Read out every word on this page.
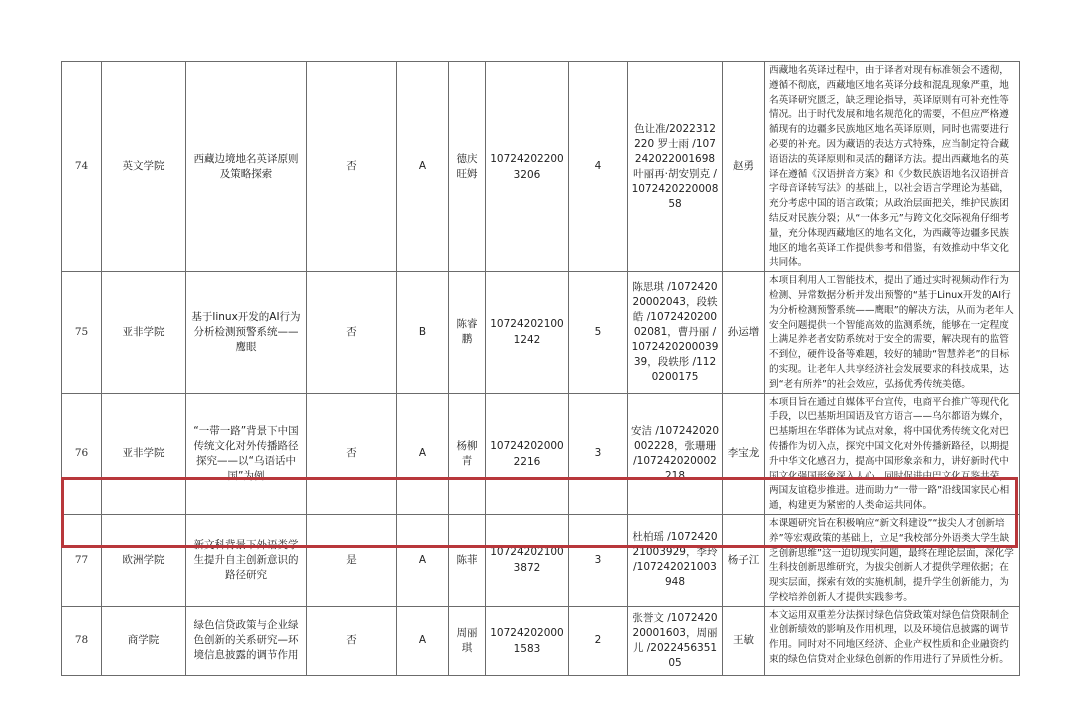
74	英文学院	西藏边境地名英译原则及策略探索	否	A	德庆旺姆	107242022003206	4	色让准/2022312220 罗士雨 /107242022001698 叶丽再·胡安别克 /107242022000858	赵勇	西藏地名英译过程中，由于译者对现有标准领会不透彻，遵循不彻底，西藏地区地名英译分歧和混乱现象严重，地名英译研究匮乏，缺乏理论指导，英译原则有可补充性等情况。出于时代发展和地名规范化的需要，不但应严格遵循现有的边疆多民族地区地名英译原则，同时也需要进行必要的补充。因为藏语的表达方式特殊，应当制定符合藏语语法的英译原则和灵活的翻译方法。提出西藏地名的英译在遵循《汉语拼音方案》和《少数民族语地名汉语拼音字母音译转写法》的基础上，以社会语言学理论为基础，充分考虑中国的语言政策；从政治层面把关，维护民族团结反对民族分裂；从“一体多元”与跨文化交际视角仔细考量，充分体现西藏地区的地名文化，为西藏等边疆多民族地区的地名英译工作提供参考和借鉴，有效推动中华文化共同体。

75	亚非学院	基于linux开发的AI行为分析检测预警系统——鹰眼	否	B	陈睿鹏	107242021001242	5	陈思琪 /107242020002043，段轶皓 /107242020002081，曹丹丽 /107242020003939，段轶彤 /1120200175	孙运增	本项目利用人工智能技术，提出了通过实时视频动作行为检测、异常数据分析并发出预警的“基于Linux开发的AI行为分析检测预警系统——鹰眼”的解决方法，从而为老年人安全问题提供一个智能高效的监测系统，能够在一定程度上满足养老者安防系统对于安全的需要，解决现有的监管不到位，硬件设备等难题，较好的辅助“智慧养老”的目标的实现。让老年人共享经济社会发展要求的科技成果，达到“老有所养”的社会效应，弘扬优秀传统美德。

76	亚非学院	“一带一路”背景下中国传统文化对外传播路径探究——以“乌语话中国”为例	否	A	杨柳青	107242020002216	3	安洁 /107242020002228，张珊珊 /107242020002218	李宝龙	本项目旨在通过自媒体平台宣传，电商平台推广等现代化手段，以巴基斯坦国语及官方语言——乌尔都语为媒介，巴基斯坦在华群体为试点对象，将中国优秀传统文化对巴传播作为切入点，探究中国文化对外传播新路径，以期提升中华文化感召力，提高中国形象亲和力，讲好新时代中国文化强国形象深入人心。同时促进中巴文化互鉴共荣，两国友谊稳步推进。进而助力“一带一路”沿线国家民心相通，构建更为紧密的人类命运共同体。

77	欧洲学院	新文科背景下外语类学生提升自主创新意识的路径研究	是	A	陈菲	107242021003872	3	杜柏瑶 /107242021003929，李玲 /107242021003948	杨子江	本课题研究旨在积极响应“新文科建设”“拔尖人才创新培养”等宏观政策的基础上，立足“我校部分外语类大学生缺乏创新思维”这一迫切现实问题，最终在理论层面，深化学生科技创新思维研究，为拔尖创新人才提供学理依据；在现实层面，探索有效的实施机制，提升学生创新能力，为学校培养创新人才提供实践参考。

78	商学院	绿色信贷政策与企业绿色创新的关系研究—环境信息披露的调节作用	否	A	周丽琪	107242020001583	2	张誉文 /107242020001603，周丽儿 /202245635105	王敏	本文运用双重差分法探讨绿色信贷政策对绿色信贷限制企业创新绩效的影响及作用机理，以及环境信息披露的调节作用。同时对不同地区经济、企业产权性质和企业融资约束的绿色信贷对企业绿色创新的作用进行了异质性分析。
